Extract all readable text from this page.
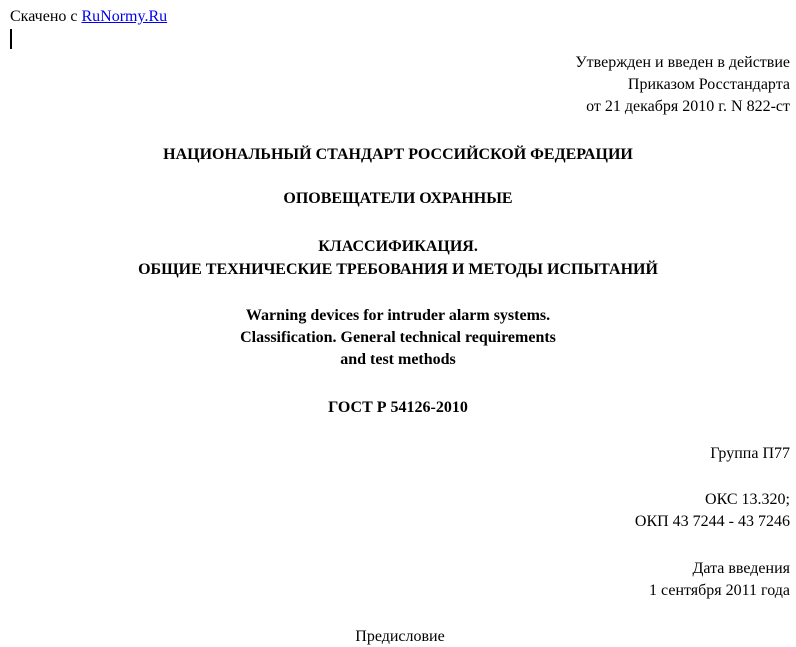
Скачено с RuNormy.Ru
Утвержден и введен в действие
Приказом Росстандарта
от 21 декабря 2010 г. N 822-ст
НАЦИОНАЛЬНЫЙ СТАНДАРТ РОССИЙСКОЙ ФЕДЕРАЦИИ
ОПОВЕЩАТЕЛИ ОХРАННЫЕ
КЛАССИФИКАЦИЯ.
ОБЩИЕ ТЕХНИЧЕСКИЕ ТРЕБОВАНИЯ И МЕТОДЫ ИСПЫТАНИЙ
Warning devices for intruder alarm systems.
Classification. General technical requirements
and test methods
ГОСТ Р 54126-2010
Группа П77
ОКС 13.320;
ОКП 43 7244 - 43 7246
Дата введения
1 сентября 2011 года
Предисловие
